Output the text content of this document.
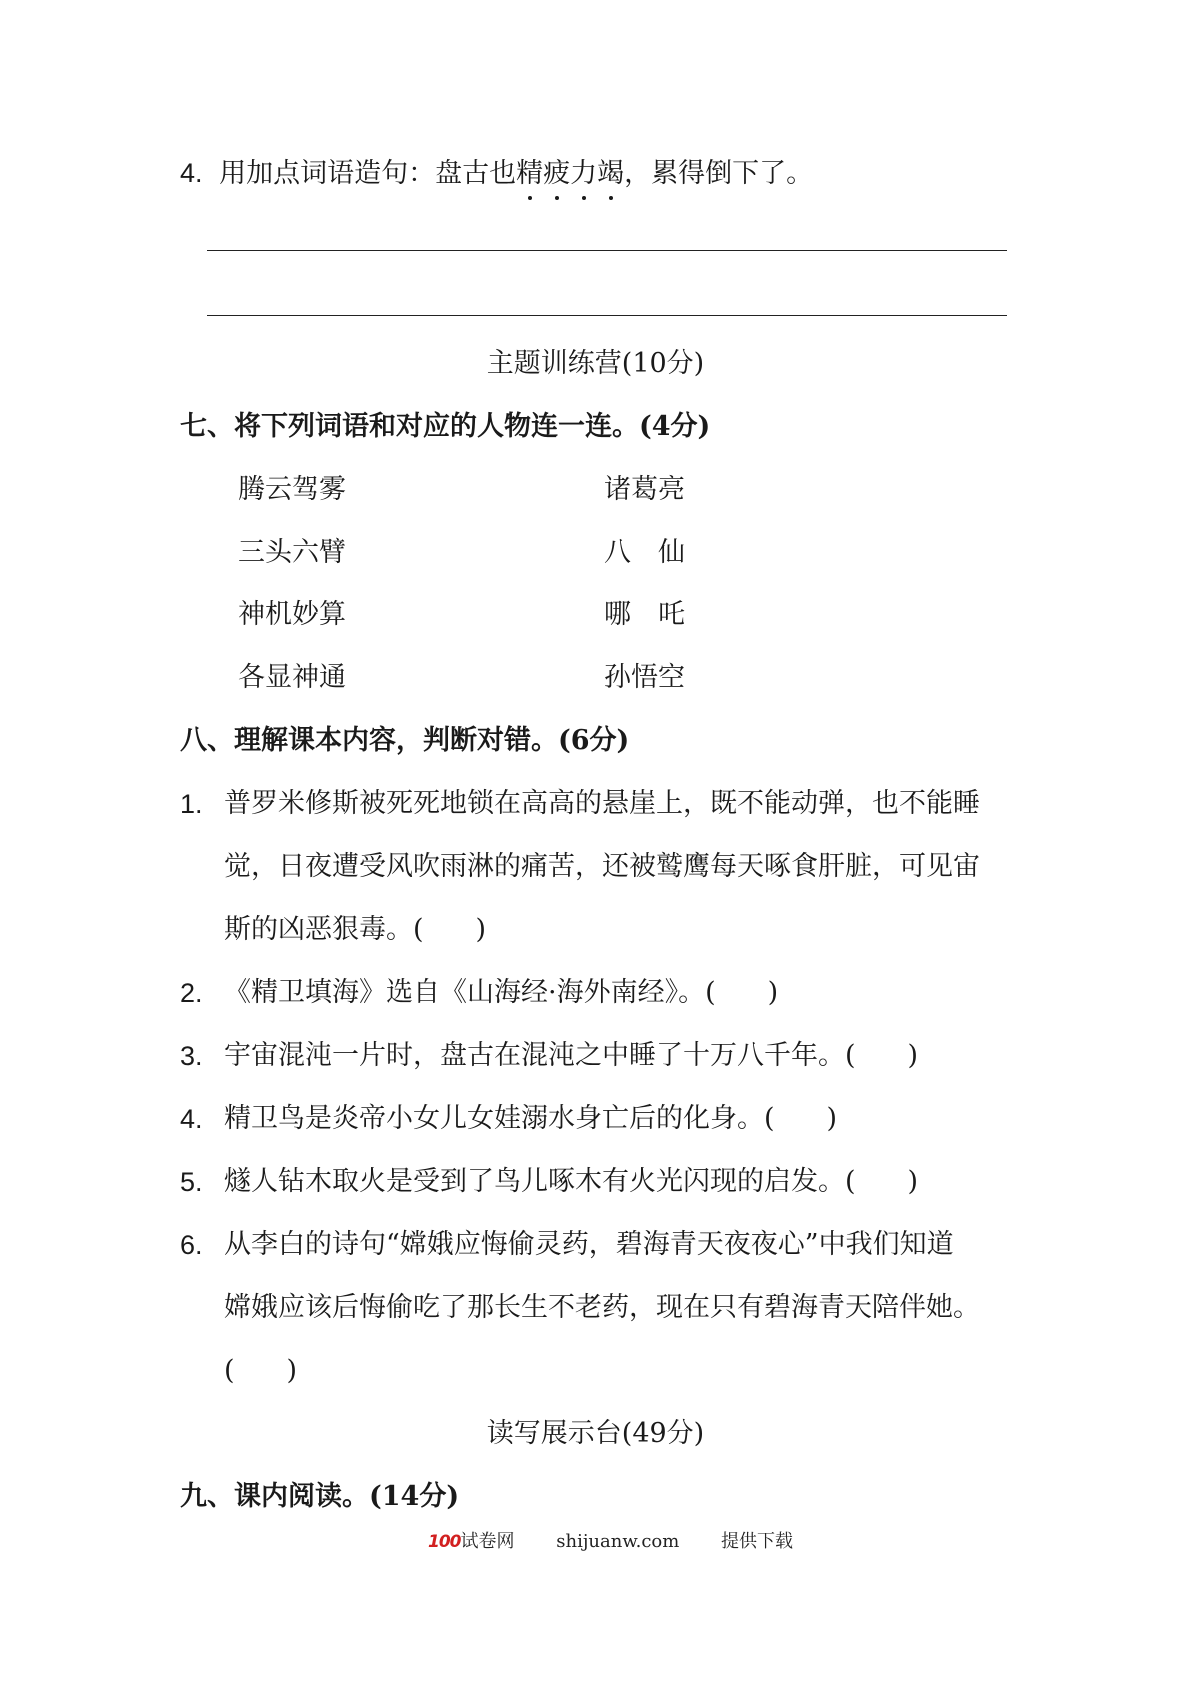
4. 用加点词语造句：盘古也精疲力竭，累得倒下了。
主题训练营(10分)
七、将下列词语和对应的人物连一连。(4分)
腾云驾雾
三头六臂
神机妙算
各显神通
诸葛亮
八　仙
哪　吒
孙悟空
八、理解课本内容，判断对错。(6分)
1. 普罗米修斯被死死地锁在高高的悬崖上，既不能动弹，也不能睡
觉，日夜遭受风吹雨淋的痛苦，还被鹫鹰每天啄食肝脏，可见宙
斯的凶恶狠毒。( )
2. 《精卫填海》选自《山海经·海外南经》。( )
3. 宇宙混沌一片时，盘古在混沌之中睡了十万八千年。( )
4. 精卫鸟是炎帝小女儿女娃溺水身亡后的化身。( )
5. 燧人钻木取火是受到了鸟儿啄木有火光闪现的启发。( )
6. 从李白的诗句“嫦娥应悔偷灵药，碧海青天夜夜心”中我们知道
嫦娥应该后悔偷吃了那长生不老药，现在只有碧海青天陪伴她。
( )
读写展示台(49分)
九、课内阅读。(14分)
100试卷网 shijuanw.com 提供下载
